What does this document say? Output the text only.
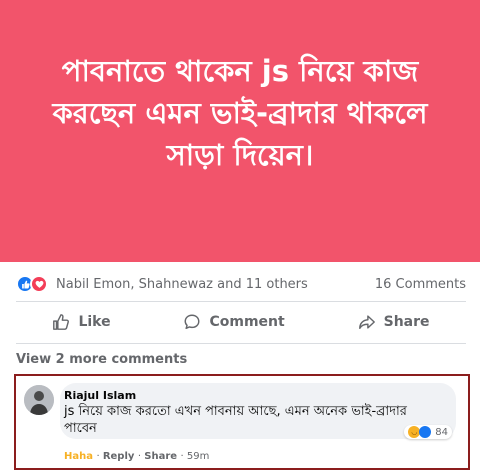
পাবনাতে থাকেন js নিয়ে কাজ
করছেন এমন ভাই-ব্রাদার থাকলে
সাড়া দিয়েন।
Nabil Emon, Shahnewaz and 11 others	16 Comments
Like	Comment	Share
View 2 more comments
Riajul Islam
js নিয়ে কাজ করতো এখন পাবনায় আছে, এমন অনেক ভাই-ব্রাদার পাবেন	◡ 84
Haha · Reply · Share · 59m
